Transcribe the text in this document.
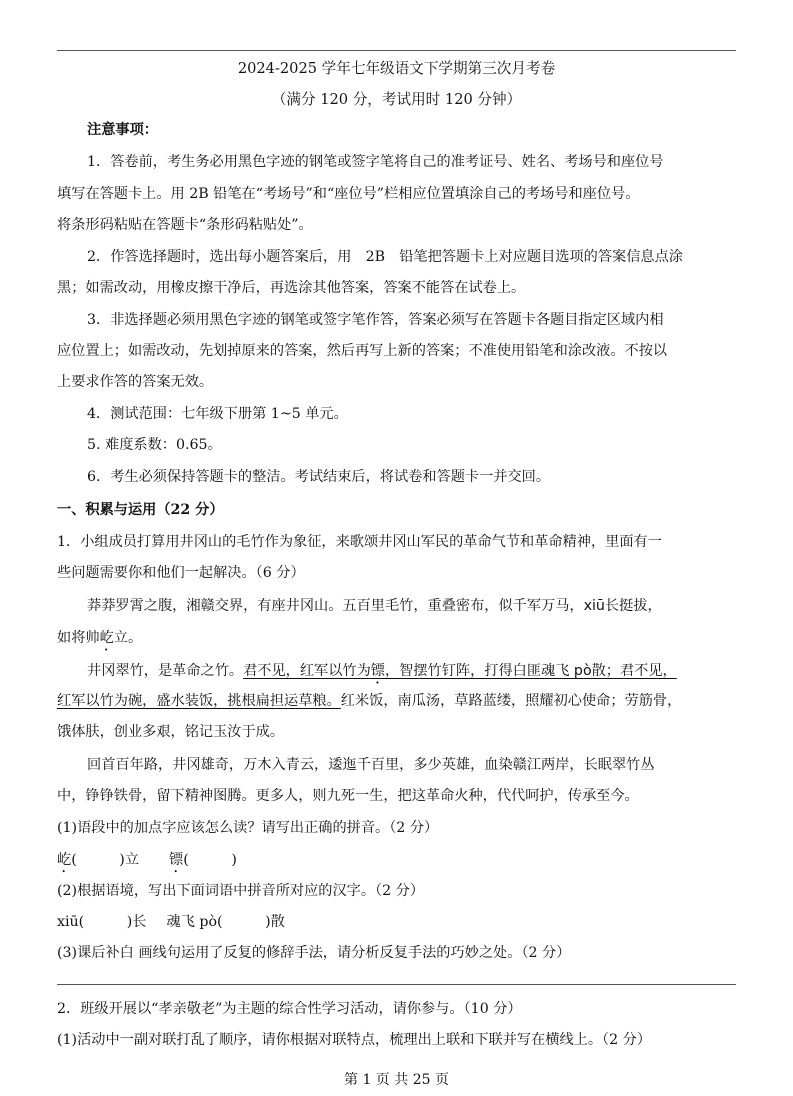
2024-2025 学年七年级语文下学期第三次月考卷
（满分 120 分，考试用时 120 分钟）
注意事项：
1．答卷前，考生务必用黑色字迹的钢笔或签字笔将自己的准考证号、姓名、考场号和座位号
填写在答题卡上。用 2B 铅笔在“考场号”和“座位号”栏相应位置填涂自己的考场号和座位号。
将条形码粘贴在答题卡“条形码粘贴处”。
2．作答选择题时，选出每小题答案后，用　2B　铅笔把答题卡上对应题目选项的答案信息点涂
黑；如需改动，用橡皮擦干净后，再选涂其他答案，答案不能答在试卷上。
3．非选择题必须用黑色字迹的钢笔或签字笔作答，答案必须写在答题卡各题目指定区域内相
应位置上；如需改动，先划掉原来的答案，然后再写上新的答案；不准使用铅笔和涂改液。不按以
上要求作答的答案无效。
4．测试范围：七年级下册第 1~5 单元。
5. 难度系数：0.65。
6．考生必须保持答题卡的整洁。考试结束后，将试卷和答题卡一并交回。
一、积累与运用（22 分）
1．小组成员打算用井冈山的毛竹作为象征，来歌颂井冈山军民的革命气节和革命精神，里面有一
些问题需要你和他们一起解决。（6 分）
莽莽罗霄之腹，湘赣交界，有座井冈山。五百里毛竹，重叠密布，似千军万马，xiū长挺拔，
如将帅屹立。
井冈翠竹，是革命之竹。君不见，红军以竹为镖，智摆竹钉阵，打得白匪魂飞 pò散；君不见，
红军以竹为碗，盛水装饭，挑根扁担运草粮。红米饭，南瓜汤，草路蓝缕，照耀初心使命；劳筋骨，
饿体肤，创业多艰，铭记玉汝于成。
回首百年路，井冈雄奇，万木入青云，逶迤千百里，多少英雄，血染赣江两岸，长眠翠竹丛
中，铮铮铁骨，留下精神图腾。更多人，则九死一生，把这革命火种，代代呵护，传承至今。
(1)语段中的加点字应该怎么读？请写出正确的拼音。（2 分）
屹(　　　)立 镖(　　　)
(2)根据语境，写出下面词语中拼音所对应的汉字。（2 分）
xiū(　　　)长 魂飞 pò(　　　)散
(3)课后补白 画线句运用了反复的修辞手法，请分析反复手法的巧妙之处。（2 分）
2．班级开展以“孝亲敬老”为主题的综合性学习活动，请你参与。（10 分）
(1)活动中一副对联打乱了顺序，请你根据对联特点，梳理出上联和下联并写在横线上。（2 分）
第 1 页 共 25 页
